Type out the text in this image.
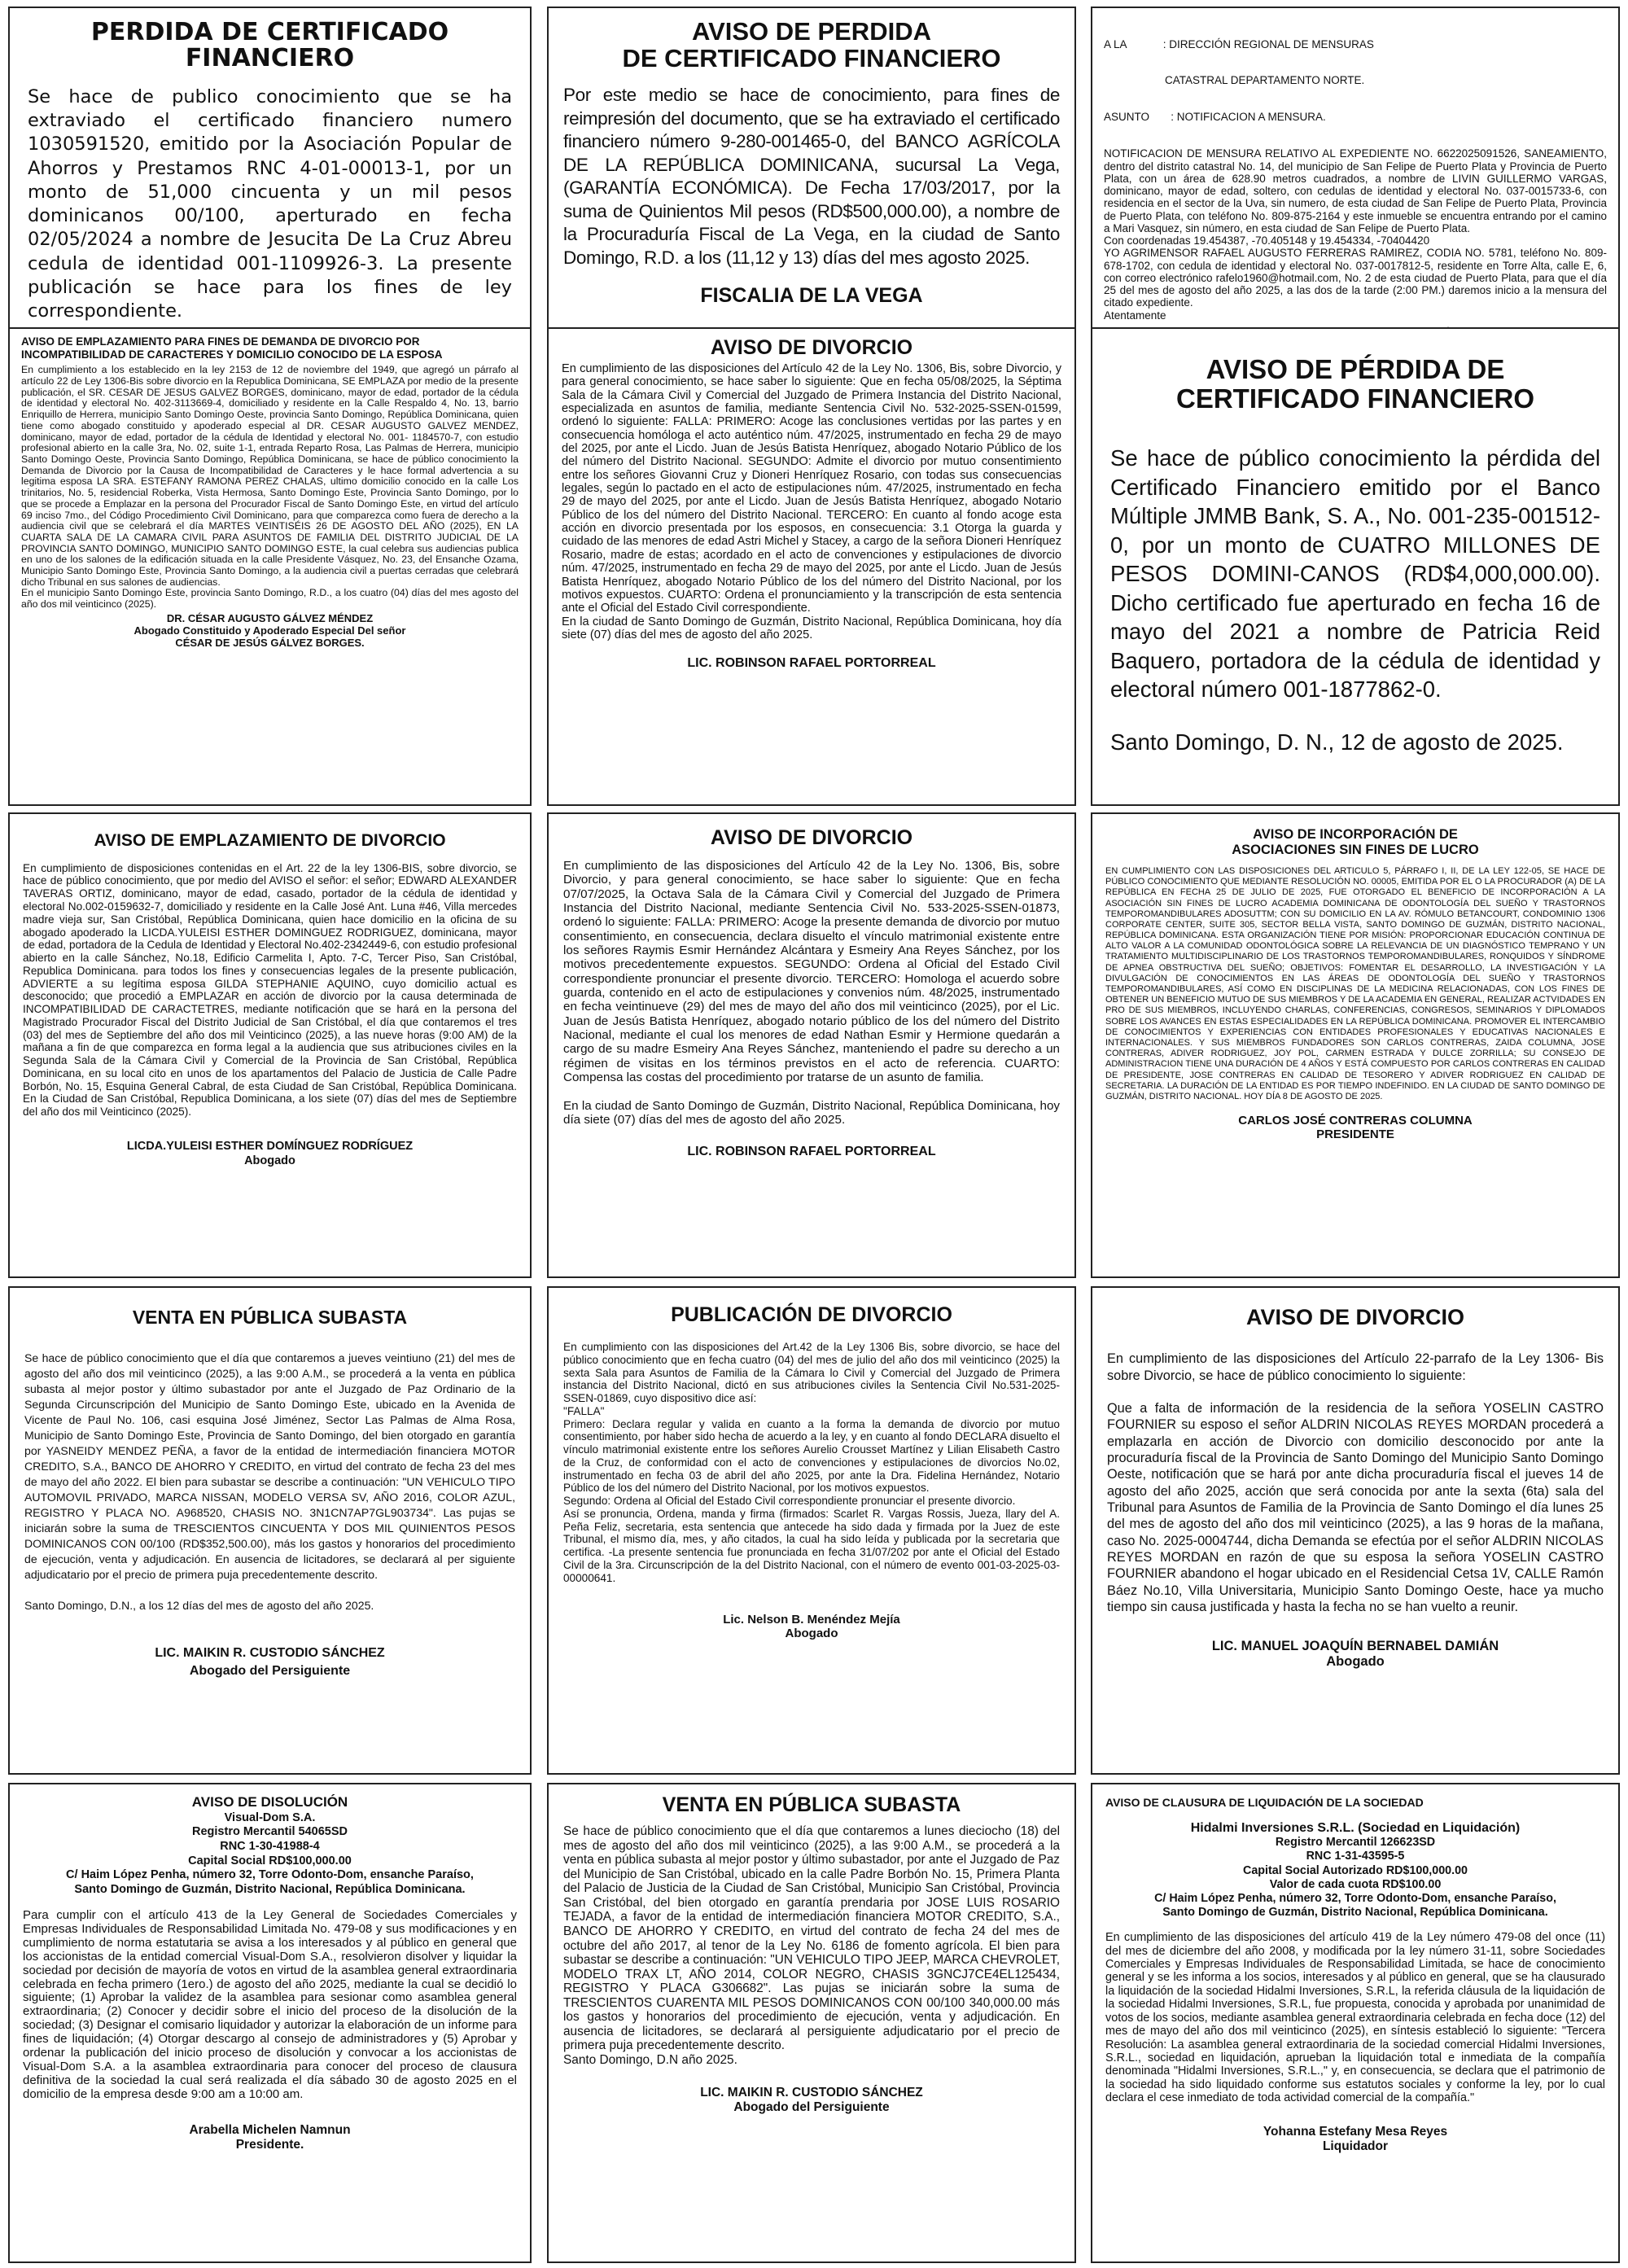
PERDIDA DE CERTIFICADO
FINANCIERO
Se hace de publico conocimiento que se ha extraviado el certificado financiero numero 1030591520, emitido por la Asociación Popular de Ahorros y Prestamos RNC 4-01-00013-1, por un monto de 51,000 cincuenta y un mil pesos dominicanos 00/100, aperturado en fecha 02/05/2024 a nombre de Jesucita De La Cruz Abreu cedula de identidad 001-1109926-3. La presente publicación se hace para los fines de ley correspondiente.
AVISO DE PERDIDA
DE CERTIFICADO FINANCIERO
Por este medio se hace de conocimiento, para fines de reimpresión del documento, que se ha extraviado el certificado financiero número 9-280-001465-0, del BANCO AGRÍCOLA DE LA REPÚBLICA DOMINICANA, sucursal La Vega, (GARANTÍA ECONÓMICA). De Fecha 17/03/2017, por la suma de Quinientos Mil pesos (RD$500,000.00), a nombre de la Procuraduría Fiscal de La Vega, en la ciudad de Santo Domingo, R.D. a los (11,12 y 13) días del mes agosto 2025.
FISCALIA DE LA VEGA

A LA            : DIRECCIÓN REGIONAL DE MENSURAS

CATASTRAL DEPARTAMENTO NORTE.

ASUNTO       : NOTIFICACION A MENSURA.

NOTIFICACION DE MENSURA RELATIVO AL EXPEDIENTE NO. 6622025091526, SANEAMIENTO, dentro del distrito catastral No. 14, del municipio de San Felipe de Puerto Plata y Provincia de Puerto Plata, con un área de 628.90 metros cuadrados, a nombre de LIVIN GUILLERMO VARGAS, dominicano, mayor de edad, soltero, con cedulas de identidad y electoral No. 037-0015733-6, con residencia en el sector de la Uva, sin numero, de esta ciudad de San Felipe de Puerto Plata, Provincia de Puerto Plata, con teléfono No. 809-875-2164 y este inmueble se encuentra entrando por el camino a Mari Vasquez, sin número, en esta ciudad de San Felipe de Puerto Plata.
Con coordenadas 19.454387, -70.405148 y 19.454334, -70404420
YO AGRIMENSOR RAFAEL AUGUSTO FERRERAS RAMIREZ, CODIA NO. 5781, teléfono No. 809-678-1702, con cedula de identidad y electoral No. 037-0017812-5, residente en Torre Alta, calle E, 6, con correo electrónico rafelo1960@hotmail.com, No. 2 de esta ciudad de Puerto Plata, para que el día 25 del mes de agosto del año 2025, a las dos de la tarde (2:00 PM.) daremos inicio a la mensura del citado expediente.
Atentamente
AVISO DE EMPLAZAMIENTO PARA FINES DE DEMANDA DE DIVORCIO POR INCOMPATIBILIDAD DE CARACTERES Y DOMICILIO CONOCIDO DE LA ESPOSA
En cumplimiento a los establecido en la ley 2153 de 12 de noviembre del 1949, que agregó un párrafo al artículo 22 de Ley 1306-Bis sobre divorcio en la Republica Dominicana, SE EMPLAZA por medio de la presente publicación, el SR. CESAR DE JESUS GALVEZ BORGES, dominicano, mayor de edad, portador de la cédula de identidad y electoral No. 402-3113669-4, domiciliado y residente en la Calle Respaldo 4, No. 13, barrio Enriquillo de Herrera, municipio Santo Domingo Oeste, provincia Santo Domingo, República Dominicana, quien tiene como abogado constituido y apoderado especial al DR. CESAR AUGUSTO GALVEZ MENDEZ, dominicano, mayor de edad, portador de la cédula de Identidad y electoral No. 001- 1184570-7, con estudio profesional abierto en la calle 3ra, No. 02, suite 1-1, entrada Reparto Rosa, Las Palmas de Herrera, municipio Santo Domingo Oeste, Provincia Santo Domingo, República Dominicana, se hace de público conocimiento la Demanda de Divorcio por la Causa de Incompatibilidad de Caracteres y le hace formal advertencia a su legitima esposa LA SRA. ESTEFANY RAMONA PEREZ CHALAS, ultimo domicilio conocido en la calle Los trinitarios, No. 5, residencial Roberka, Vista Hermosa, Santo Domingo Este, Provincia Santo Domingo, por lo que se procede a Emplazar en la persona del Procurador Fiscal de Santo Domingo Este, en virtud del artículo 69 inciso 7mo., del Código Procedimiento Civil Dominicano, para que comparezca como fuera de derecho a la audiencia civil que se celebrará el día MARTES VEINTISÉIS 26 DE AGOSTO DEL AÑO (2025), EN LA CUARTA SALA DE LA CAMARA CIVIL PARA ASUNTOS DE FAMILIA DEL DISTRITO JUDICIAL DE LA PROVINCIA SANTO DOMINGO, MUNICIPIO SANTO DOMINGO ESTE, la cual celebra sus audiencias publica en uno de los salones de la edificación situada en la calle Presidente Vásquez, No. 23, del Ensanche Ozama, Municipio Santo Domingo Este, Provincia Santo Domingo, a la audiencia civil a puertas cerradas que celebrará dicho Tribunal en sus salones de audiencias.
En el municipio Santo Domingo Este, provincia Santo Domingo, R.D., a los cuatro (04) días del mes agosto del año dos mil veinticinco (2025).
DR. CÉSAR AUGUSTO GÁLVEZ MÉNDEZ
Abogado Constituido y Apoderado Especial Del señor
CÉSAR DE JESÚS GÁLVEZ BORGES.
AVISO DE DIVORCIO
En cumplimiento de las disposiciones del Artículo 42 de la Ley No. 1306, Bis, sobre Divorcio, y para general conocimiento, se hace saber lo siguiente: Que en fecha 05/08/2025, la Séptima Sala de la Cámara Civil y Comercial del Juzgado de Primera Instancia del Distrito Nacional, especializada en asuntos de familia, mediante Sentencia Civil No. 532-2025-SSEN-01599, ordenó lo siguiente: FALLA: PRIMERO: Acoge las conclusiones vertidas por las partes y en consecuencia homóloga el acto auténtico núm. 47/2025, instrumentado en fecha 29 de mayo del 2025, por ante el Licdo. Juan de Jesús Batista Henríquez, abogado Notario Público de los del número del Distrito Nacional. SEGUNDO: Admite el divorcio por mutuo consentimiento entre los señores Giovanni Cruz y Dioneri Henríquez Rosario, con todas sus consecuencias legales, según lo pactado en el acto de estipulaciones núm. 47/2025, instrumentado en fecha 29 de mayo del 2025, por ante el Licdo. Juan de Jesús Batista Henríquez, abogado Notario Público de los del número del Distrito Nacional. TERCERO: En cuanto al fondo acoge esta acción en divorcio presentada por los esposos, en consecuencia: 3.1 Otorga la guarda y cuidado de las menores de edad Astri Michel y Stacey, a cargo de la señora Dioneri Henríquez Rosario, madre de estas; acordado en el acto de convenciones y estipulaciones de divorcio núm. 47/2025, instrumentado en fecha 29 de mayo del 2025, por ante el Licdo. Juan de Jesús Batista Henríquez, abogado Notario Público de los del número del Distrito Nacional, por los motivos expuestos. CUARTO: Ordena el pronunciamiento y la transcripción de esta sentencia ante el Oficial del Estado Civil correspondiente.
En la ciudad de Santo Domingo de Guzmán, Distrito Nacional, República Dominicana, hoy día siete (07) días del mes de agosto del año 2025.
LIC. ROBINSON RAFAEL PORTORREAL
AVISO DE PÉRDIDA DE
CERTIFICADO FINANCIERO
Se hace de público conocimiento la pérdida del Certificado Financiero emitido por el Banco Múltiple JMMB Bank, S. A., No. 001-235-001512-0, por un monto de CUATRO MILLONES DE PESOS DOMINI-CANOS (RD$4,000,000.00). Dicho certificado fue aperturado en fecha 16 de mayo del 2021 a nombre de Patricia Reid Baquero, portadora de la cédula de identidad y electoral número 001-1877862-0.
Santo Domingo, D. N., 12 de agosto de 2025.
AVISO DE EMPLAZAMIENTO DE DIVORCIO
En cumplimiento de disposiciones contenidas en el Art. 22 de la ley 1306-BIS, sobre divorcio, se hace de público conocimiento, que por medio del AVISO el señor: el señor; EDWARD ALEXANDER TAVERAS ORTIZ, dominicano, mayor de edad, casado, portador de la cédula de identidad y electoral No.002-0159632-7, domiciliado y residente en la Calle José Ant. Luna #46, Villa mercedes madre vieja sur, San Cristóbal, República Dominicana, quien hace domicilio en la oficina de su abogado apoderado la LICDA.YULEISI ESTHER DOMINGUEZ RODRIGUEZ, dominicana, mayor de edad, portadora de la Cedula de Identidad y Electoral No.402-2342449-6, con estudio profesional abierto en la calle Sánchez, No.18, Edificio Carmelita I, Apto. 7-C, Tercer Piso, San Cristóbal, Republica Dominicana. para todos los fines y consecuencias legales de la presente publicación, ADVIERTE a su legítima esposa GILDA STEPHANIE AQUINO, cuyo domicilio actual es desconocido; que procedió a EMPLAZAR en acción de divorcio por la causa determinada de INCOMPATIBILIDAD DE CARACTETRES, mediante notificación que se hará en la persona del Magistrado Procurador Fiscal del Distrito Judicial de San Cristóbal, el día que contaremos el tres (03) del mes de Septiembre del año dos mil Veinticinco (2025), a las nueve horas (9:00 AM) de la mañana a fin de que comparezca en forma legal a la audiencia que sus atribuciones civiles en la Segunda Sala de la Cámara Civil y Comercial de la Provincia de San Cristóbal, República Dominicana, en su local cito en unos de los apartamentos del Palacio de Justicia de Calle Padre Borbón, No. 15, Esquina General Cabral, de esta Ciudad de San Cristóbal, República Dominicana. En la Ciudad de San Cristóbal, Republica Dominicana, a los siete (07) días del mes de Septiembre del año dos mil Veinticinco (2025).
LICDA.YULEISI ESTHER DOMÍNGUEZ RODRÍGUEZ
Abogado
AVISO DE DIVORCIO
En cumplimiento de las disposiciones del Artículo 42 de la Ley No. 1306, Bis, sobre Divorcio, y para general conocimiento, se hace saber lo siguiente: Que en fecha 07/07/2025, la Octava Sala de la Cámara Civil y Comercial del Juzgado de Primera Instancia del Distrito Nacional, mediante Sentencia Civil No. 533-2025-SSEN-01873, ordenó lo siguiente: FALLA: PRIMERO: Acoge la presente demanda de divorcio por mutuo consentimiento, en consecuencia, declara disuelto el vínculo matrimonial existente entre los señores Raymis Esmir Hernández Alcántara y Esmeiry Ana Reyes Sánchez, por los motivos precedentemente expuestos. SEGUNDO: Ordena al Oficial del Estado Civil correspondiente pronunciar el presente divorcio. TERCERO: Homologa el acuerdo sobre guarda, contenido en el acto de estipulaciones y convenios núm. 48/2025, instrumentado en fecha veintinueve (29) del mes de mayo del año dos mil veinticinco (2025), por el Lic. Juan de Jesús Batista Henríquez, abogado notario público de los del número del Distrito Nacional, mediante el cual los menores de edad Nathan Esmir y Hermione quedarán a cargo de su madre Esmeiry Ana Reyes Sánchez, manteniendo el padre su derecho a un régimen de visitas en los términos previstos en el acto de referencia. CUARTO: Compensa las costas del procedimiento por tratarse de un asunto de familia.

En la ciudad de Santo Domingo de Guzmán, Distrito Nacional, República Dominicana, hoy día siete (07) días del mes de agosto del año 2025.
LIC. ROBINSON RAFAEL PORTORREAL
AVISO DE INCORPORACIÓN DE
ASOCIACIONES SIN FINES DE LUCRO
EN CUMPLIMIENTO CON LAS DISPOSICIONES DEL ARTICULO 5, PÁRRAFO I, II, DE LA LEY 122-05, SE HACE DE PÚBLICO CONOCIMIENTO QUE MEDIANTE RESOLUCIÓN NO. 00005, EMITIDA POR EL O LA PROCURADOR (A) DE LA REPÚBLICA EN FECHA 25 DE JULIO DE 2025, FUE OTORGADO EL BENEFICIO DE INCORPORACIÓN A LA ASOCIACIÓN SIN FINES DE LUCRO ACADEMIA DOMINICANA DE ODONTOLOGÍA DEL SUEÑO Y TRASTORNOS TEMPOROMANDIBULARES ADOSUTTM; CON SU DOMICILIO EN LA AV. RÓMULO BETANCOURT, CONDOMINIO 1306 CORPORATE CENTER, SUITE 305, SECTOR BELLA VISTA, SANTO DOMINGO DE GUZMÁN, DISTRITO NACIONAL, REPÚBLICA DOMINICANA. ESTA ORGANIZACIÓN TIENE POR MISIÓN: PROPORCIONAR EDUCACIÓN CONTINUA DE ALTO VALOR A LA COMUNIDAD ODONTOLÓGICA SOBRE LA RELEVANCIA DE UN DIAGNÓSTICO TEMPRANO Y UN TRATAMIENTO MULTIDISCIPLINARIO DE LOS TRASTORNOS TEMPOROMANDIBULARES, RONQUIDOS Y SÍNDROME DE APNEA OBSTRUCTIVA DEL SUEÑO; OBJETIVOS: FOMENTAR EL DESARROLLO, LA INVESTIGACIÓN Y LA DIVULGACIÓN DE CONOCIMIENTOS EN LAS ÁREAS DE ODONTOLOGÍA DEL SUEÑO Y TRASTORNOS TEMPOROMANDIBULARES, ASÍ COMO EN DISCIPLINAS DE LA MEDICINA RELACIONADAS, CON LOS FINES DE OBTENER UN BENEFICIO MUTUO DE SUS MIEMBROS Y DE LA ACADEMIA EN GENERAL, REALIZAR ACTVIDADES EN PRO DE SUS MIEMBROS, INCLUYENDO CHARLAS, CONFERENCIAS, CONGRESOS, SEMINARIOS Y DIPLOMADOS SOBRE LOS AVANCES EN ESTAS ESPECIALIDADES EN LA REPÚBLICA DOMINICANA. PROMOVER EL INTERCAMBIO DE CONOCIMIENTOS Y EXPERIENCIAS CON ENTIDADES PROFESIONALES Y EDUCATIVAS NACIONALES E INTERNACIONALES. Y SUS MIEMBROS FUNDADORES SON CARLOS CONTRERAS, ZAIDA COLUMNA, JOSE CONTRERAS, ADIVER RODRIGUEZ, JOY POL, CARMEN ESTRADA Y DULCE ZORRILLA; SU CONSEJO DE ADMINISTRACION TIENE UNA DURACIÓN DE 4 AÑOS Y ESTÁ COMPUESTO POR CARLOS CONTRERAS EN CALIDAD DE PRESIDENTE, JOSE CONTRERAS EN CALIDAD DE TESORERO Y ADIVER RODRIGUEZ EN CALIDAD DE SECRETARIA. LA DURACIÓN DE LA ENTIDAD ES POR TIEMPO INDEFINIDO. EN LA CIUDAD DE SANTO DOMINGO DE GUZMÁN, DISTRITO NACIONAL. HOY DÍA 8 DE AGOSTO DE 2025.
CARLOS JOSÉ CONTRERAS COLUMNA
PRESIDENTE
VENTA EN PÚBLICA SUBASTA
Se hace de público conocimiento que el día que contaremos a jueves veintiuno (21) del mes de agosto del año dos mil veinticinco (2025), a las 9:00 A.M., se procederá a la venta en pública subasta al mejor postor y último subastador por ante el Juzgado de Paz Ordinario de la Segunda Circunscripción del Municipio de Santo Domingo Este, ubicado en la Avenida de Vicente de Paul No. 106, casi esquina José Jiménez, Sector Las Palmas de Alma Rosa, Municipio de Santo Domingo Este, Provincia de Santo Domingo, del bien otorgado en garantía por YASNEIDY MENDEZ PEÑA, a favor de la entidad de intermediación financiera MOTOR CREDITO, S.A., BANCO DE AHORRO Y CREDITO, en virtud del contrato de fecha 23 del mes de mayo del año 2022. El bien para subastar se describe a continuación: "UN VEHICULO TIPO AUTOMOVIL PRIVADO, MARCA NISSAN, MODELO VERSA SV, AÑO 2016, COLOR AZUL, REGISTRO Y PLACA NO. A968520, CHASIS NO. 3N1CN7AP7GL903734". Las pujas se iniciarán sobre la suma de TRESCIENTOS CINCUENTA Y DOS MIL QUINIENTOS PESOS DOMINICANOS CON 00/100 (RD$352,500.00), más los gastos y honorarios del procedimiento de ejecución, venta y adjudicación. En ausencia de licitadores, se declarará al per siguiente adjudicatario por el precio de primera puja precedentemente descrito.

Santo Domingo, D.N., a los 12 días del mes de agosto del año 2025.
LIC. MAIKIN R. CUSTODIO SÁNCHEZ
Abogado del Persiguiente
PUBLICACIÓN DE DIVORCIO
En cumplimiento con las disposiciones del Art.42 de la Ley 1306 Bis, sobre divorcio, se hace del público conocimiento que en fecha cuatro (04) del mes de julio del año dos mil veinticinco (2025) la sexta Sala para Asuntos de Familia de la Cámara lo Civil y Comercial del Juzgado de Primera instancia del Distrito Nacional, dictó en sus atribuciones civiles la Sentencia Civil No.531-2025-SSEN-01869, cuyo dispositivo dice así:
"FALLA"
Primero: Declara regular y valida en cuanto a la forma la demanda de divorcio por mutuo consentimiento, por haber sido hecha de acuerdo a la ley, y en cuanto al fondo DECLARA disuelto el vínculo matrimonial existente entre los señores Aurelio Crousset Martínez y Lilian Elisabeth Castro de la Cruz, de conformidad con el acto de convenciones y estipulaciones de divorcios No.02, instrumentado en fecha 03 de abril del año 2025, por ante la Dra. Fidelina Hernández, Notario Público de los del número del Distrito Nacional, por los motivos expuestos.
Segundo: Ordena al Oficial del Estado Civil correspondiente pronunciar el presente divorcio.
Así se pronuncia, Ordena, manda y firma (firmados: Scarlet R. Vargas Rossis, Jueza, llary del A. Peña Feliz, secretaria, esta sentencia que antecede ha sido dada y firmada por la Juez de este Tribunal, el mismo día, mes, y año citados, la cual ha sido leída y publicada por la secretaria que certifica. -La presente sentencia fue pronunciada en fecha 31/07/202 por ante el Oficial del Estado Civil de la 3ra. Circunscripción de la del Distrito Nacional, con el número de evento 001-03-2025-03-00000641.
Lic. Nelson B. Menéndez Mejía
Abogado
AVISO DE DIVORCIO
En cumplimiento de las disposiciones del Artículo 22-parrafo de la Ley 1306- Bis sobre Divorcio, se hace de público conocimiento lo siguiente:
Que a falta de información de la residencia de la señora YOSELIN CASTRO FOURNIER su esposo el señor ALDRIN NICOLAS REYES MORDAN procederá a emplazarla en acción de Divorcio con domicilio desconocido por ante la procuraduría fiscal de la Provincia de Santo Domingo del Municipio Santo Domingo Oeste, notificación que se hará por ante dicha procuraduría fiscal el jueves 14 de agosto del año 2025, acción que será conocida por ante la sexta (6ta) sala del Tribunal para Asuntos de Familia de la Provincia de Santo Domingo el día lunes 25 del mes de agosto del año dos mil veinticinco (2025), a las 9 horas de la mañana, caso No. 2025-0004744, dicha Demanda se efectúa por el señor ALDRIN NICOLAS REYES MORDAN en razón de que su esposa la señora YOSELIN CASTRO FOURNIER abandono el hogar ubicado en el Residencial Cetsa 1V, CALLE Ramón Báez No.10, Villa Universitaria, Municipio Santo Domingo Oeste, hace ya mucho tiempo sin causa justificada y hasta la fecha no se han vuelto a reunir.
LIC. MANUEL JOAQUÍN BERNABEL DAMIÁN
Abogado
AVISO DE DISOLUCIÓN
Visual-Dom S.A.
Registro Mercantil 54065SD
RNC 1-30-41988-4
Capital Social RD$100,000.00
C/ Haim López Penha, número 32, Torre Odonto-Dom, ensanche Paraíso,
Santo Domingo de Guzmán, Distrito Nacional, República Dominicana.
Para cumplir con el artículo 413 de la Ley General de Sociedades Comerciales y Empresas Individuales de Responsabilidad Limitada No. 479-08 y sus modificaciones y en cumplimiento de norma estatutaria se avisa a los interesados y al público en general que los accionistas de la entidad comercial Visual-Dom S.A., resolvieron disolver y liquidar la sociedad por decisión de mayoría de votos en virtud de la asamblea general extraordinaria celebrada en fecha primero (1ero.) de agosto del año 2025, mediante la cual se decidió lo siguiente; (1) Aprobar la validez de la asamblea para sesionar como asamblea general extraordinaria; (2) Conocer y decidir sobre el inicio del proceso de la disolución de la sociedad; (3) Designar el comisario liquidador y autorizar la elaboración de un informe para fines de liquidación; (4) Otorgar descargo al consejo de administradores y (5) Aprobar y ordenar la publicación del inicio proceso de disolución y convocar a los accionistas de Visual-Dom S.A. a la asamblea extraordinaria para conocer del proceso de clausura definitiva de la sociedad la cual será realizada el día sábado 30 de agosto 2025 en el domicilio de la empresa desde 9:00 am a 10:00 am.
Arabella Michelen Namnun
Presidente.
VENTA EN PÚBLICA SUBASTA
Se hace de público conocimiento que el día que contaremos a lunes dieciocho (18) del mes de agosto del año dos mil veinticinco (2025), a las 9:00 A.M., se procederá a la venta en pública subasta al mejor postor y último subastador, por ante el Juzgado de Paz del Municipio de San Cristóbal, ubicado en la calle Padre Borbón No. 15, Primera Planta del Palacio de Justicia de la Ciudad de San Cristóbal, Municipio San Cristóbal, Provincia San Cristóbal, del bien otorgado en garantía prendaria por JOSE LUIS ROSARIO TEJADA, a favor de la entidad de intermediación financiera MOTOR CREDITO, S.A., BANCO DE AHORRO Y CREDITO, en virtud del contrato de fecha 24 del mes de octubre del año 2017, al tenor de la Ley No. 6186 de fomento agrícola. El bien para subastar se describe a continuación: "UN VEHICULO TIPO JEEP, MARCA CHEVROLET, MODELO TRAX LT, AÑO 2014, COLOR NEGRO, CHASIS 3GNCJ7CE4EL125434, REGISTRO Y PLACA G306682". Las pujas se iniciarán sobre la suma de TRESCIENTOS CUARENTA MIL PESOS DOMINICANOS CON 00/100 340,000.00 más los gastos y honorarios del procedimiento de ejecución, venta y adjudicación. En ausencia de licitadores, se declarará al persiguiente adjudicatario por el precio de primera puja precedentemente descrito.
Santo Domingo, D.N año 2025.
LIC. MAIKIN R. CUSTODIO SÁNCHEZ
Abogado del Persiguiente
AVISO DE CLAUSURA DE LIQUIDACIÓN DE LA SOCIEDAD
Hidalmi Inversiones S.R.L. (Sociedad en Liquidación)
Registro Mercantil 126623SD
RNC 1-31-43595-5
Capital Social Autorizado RD$100,000.00
Valor de cada cuota RD$100.00
C/ Haim López Penha, número 32, Torre Odonto-Dom, ensanche Paraíso,
Santo Domingo de Guzmán, Distrito Nacional, República Dominicana.
En cumplimiento de las disposiciones del artículo 419 de la Ley número 479-08 del once (11) del mes de diciembre del año 2008, y modificada por la ley número 31-11, sobre Sociedades Comerciales y Empresas Individuales de Responsabilidad Limitada, se hace de conocimiento general y se les informa a los socios, interesados y al público en general, que se ha clausurado la liquidación de la sociedad Hidalmi Inversiones, S.R.L, la referida cláusula de la liquidación de la sociedad Hidalmi Inversiones, S.R.L, fue propuesta, conocida y aprobada por unanimidad de votos de los socios, mediante asamblea general extraordinaria celebrada en fecha doce (12) del mes de mayo del año dos mil veinticinco (2025), en síntesis estableció lo siguiente: "Tercera Resolución: La asamblea general extraordinaria de la sociedad comercial Hidalmi Inversiones, S.R.L., sociedad en liquidación, aprueban la liquidación total e inmediata de la compañía denominada "Hidalmi Inversiones, S.R.L.," y, en consecuencia, se declara que el patrimonio de la sociedad ha sido liquidado conforme sus estatutos sociales y conforme la ley, por lo cual declara el cese inmediato de toda actividad comercial de la compañía."
Yohanna Estefany Mesa Reyes
Liquidador
